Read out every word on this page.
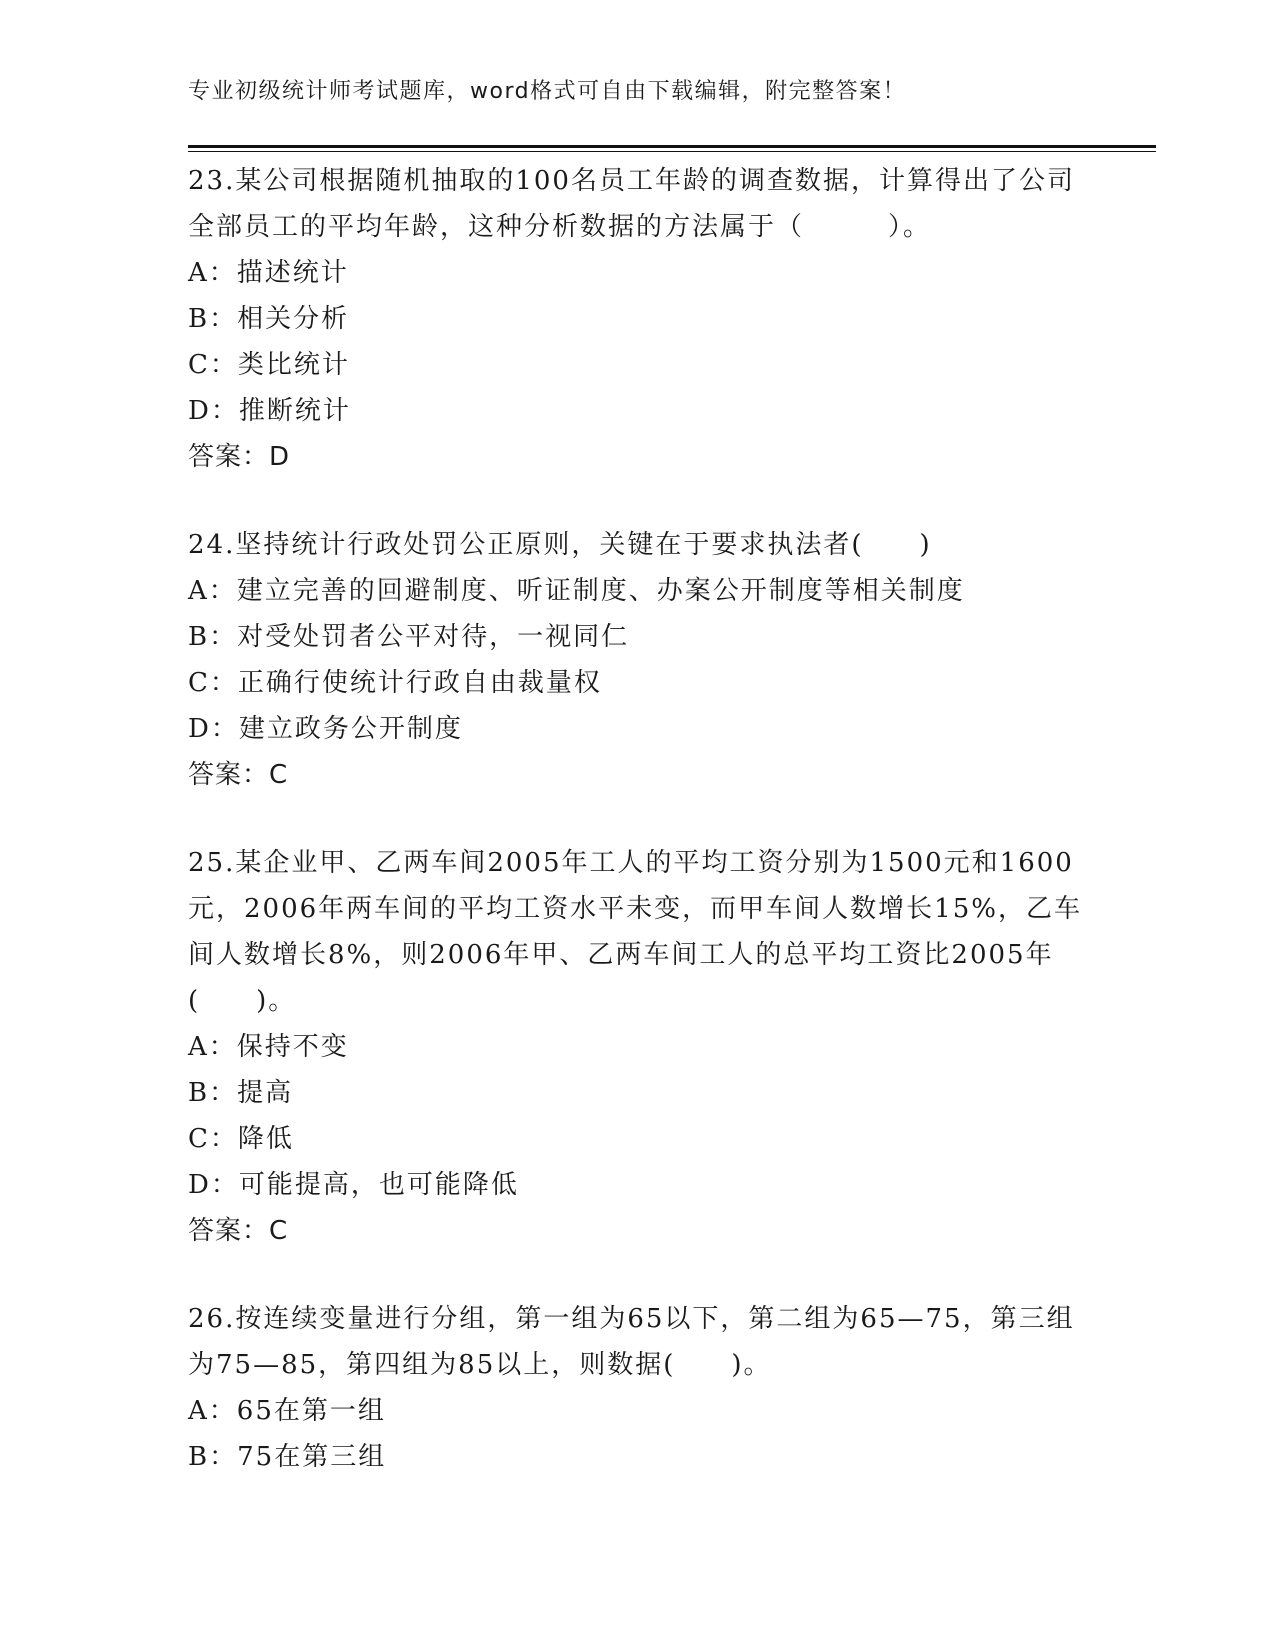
专业初级统计师考试题库，word格式可自由下载编辑，附完整答案！

23.某公司根据随机抽取的100名员工年龄的调查数据，计算得出了公司全部员工的平均年龄，这种分析数据的方法属于（　　　）。

A：描述统计

B：相关分析

C：类比统计

D：推断统计

答案：D

24.坚持统计行政处罚公正原则，关键在于要求执法者(　　)

A：建立完善的回避制度、听证制度、办案公开制度等相关制度

B：对受处罚者公平对待，一视同仁

C：正确行使统计行政自由裁量权

D：建立政务公开制度

答案：C

25.某企业甲、乙两车间2005年工人的平均工资分别为1500元和1600元，2006年两车间的平均工资水平未变，而甲车间人数增长15%，乙车间人数增长8%，则2006年甲、乙两车间工人的总平均工资比2005年(　　)。

A：保持不变

B：提高

C：降低

D：可能提高，也可能降低

答案：C

26.按连续变量进行分组，第一组为65以下，第二组为65—75，第三组为75—85，第四组为85以上，则数据(　　)。

A：65在第一组

B：75在第三组
